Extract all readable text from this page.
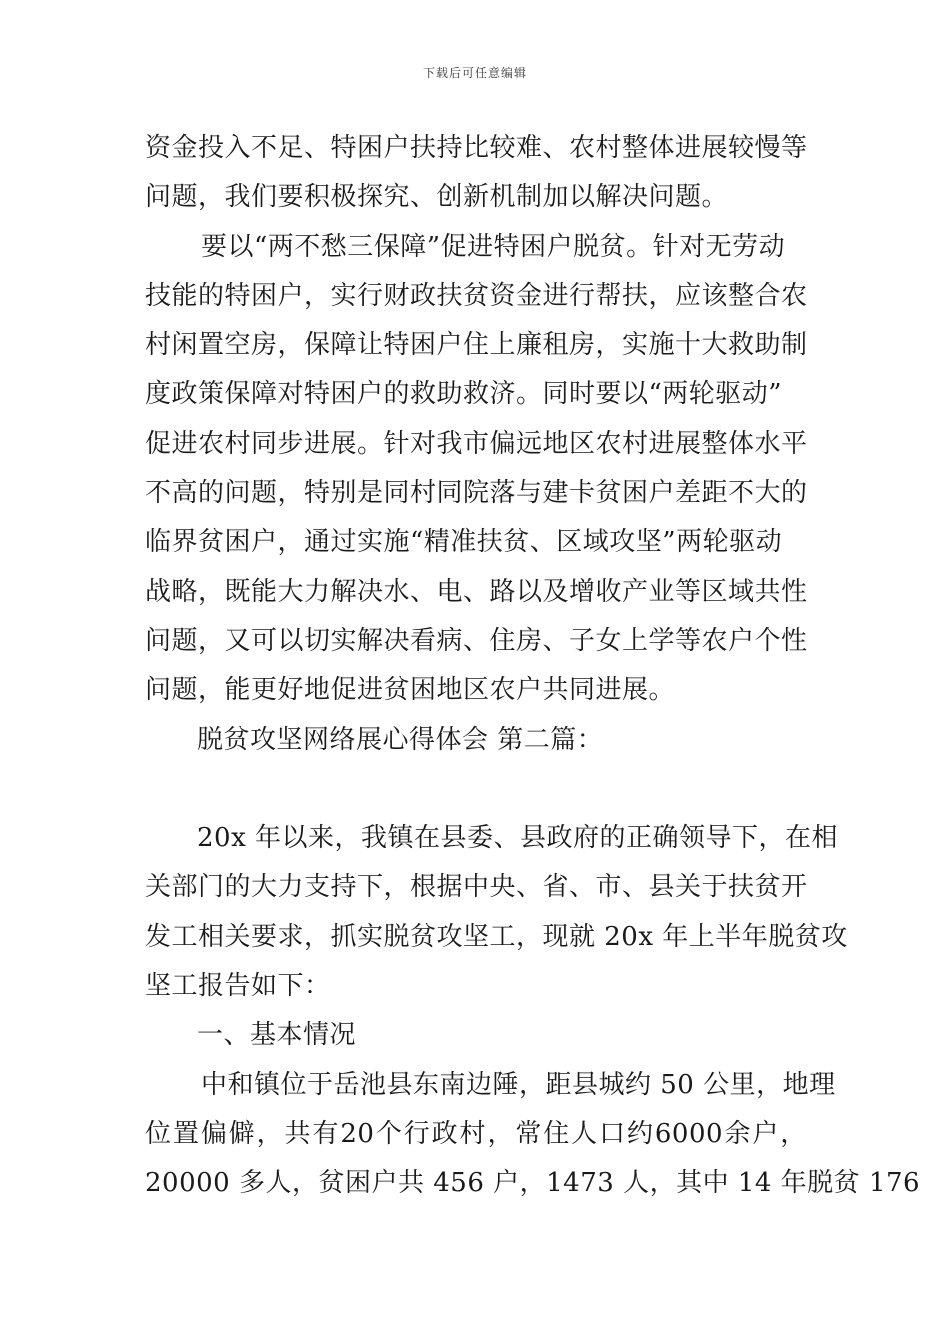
下载后可任意编辑
资金投入不足、特困户扶持比较难、农村整体进展较慢等
问题，我们要积极探究、创新机制加以解决问题。
要以“两不愁三保障”促进特困户脱贫。针对无劳动
技能的特困户，实行财政扶贫资金进行帮扶，应该整合农
村闲置空房，保障让特困户住上廉租房，实施十大救助制
度政策保障对特困户的救助救济。同时要以“两轮驱动”
促进农村同步进展。针对我市偏远地区农村进展整体水平
不高的问题，特别是同村同院落与建卡贫困户差距不大的
临界贫困户，通过实施“精准扶贫、区域攻坚”两轮驱动
战略，既能大力解决水、电、路以及增收产业等区域共性
问题，又可以切实解决看病、住房、子女上学等农户个性
问题，能更好地促进贫困地区农户共同进展。
脱贫攻坚网络展心得体会 第二篇：
20x 年以来，我镇在县委、县政府的正确领导下，在相
关部门的大力支持下，根据中央、省、市、县关于扶贫开
发工相关要求，抓实脱贫攻坚工，现就 20x 年上半年脱贫攻
坚工报告如下：
一、基本情况
中和镇位于岳池县东南边陲，距县城约 50 公里，地理
位 置 偏 僻 ， 共 有 20 个 行 政 村 ， 常 住 人 口 约 6000 余 户 ，
20000 多人，贫困户共 456 户，1473 人，其中 14 年脱贫 176
